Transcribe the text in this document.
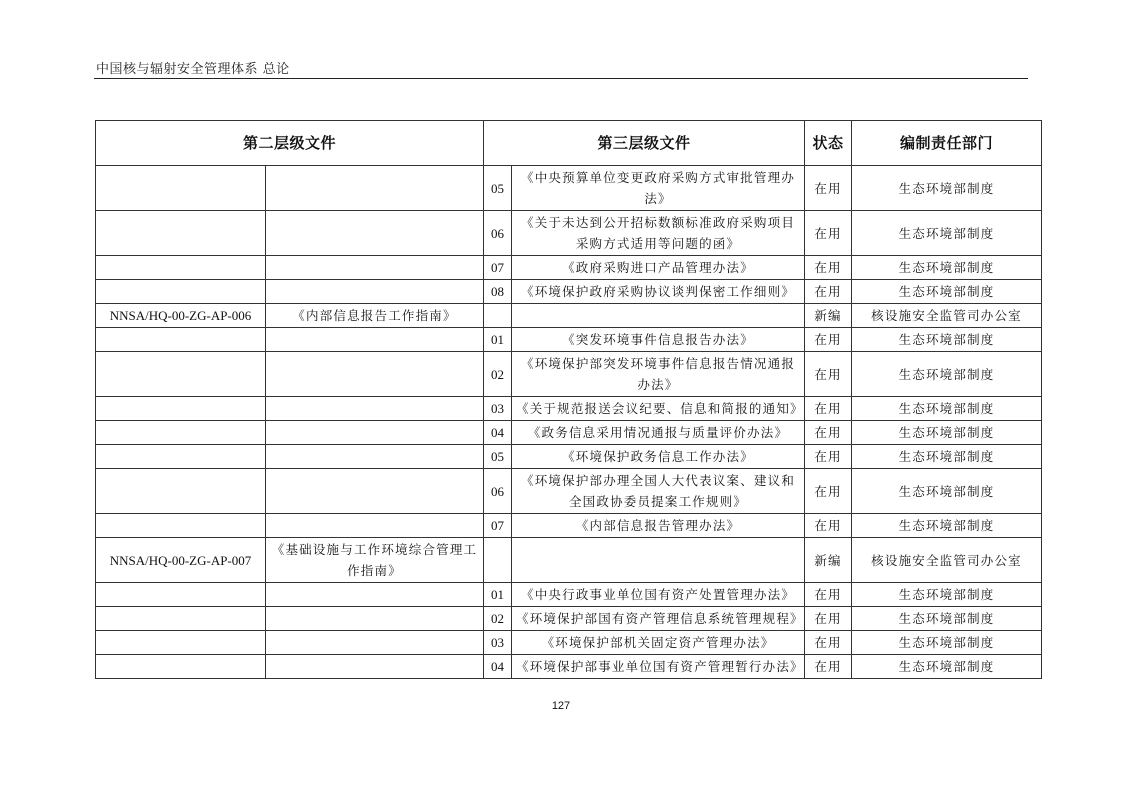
中国核与辐射安全管理体系 总论
第二层级文件		第三层级文件		状态	编制责任部门
		05	《中央预算单位变更政府采购方式审批管理办法》	在用	生态环境部制度
		06	《关于未达到公开招标数额标准政府采购项目采购方式适用等问题的函》	在用	生态环境部制度
		07	《政府采购进口产品管理办法》	在用	生态环境部制度
		08	《环境保护政府采购协议谈判保密工作细则》	在用	生态环境部制度
NNSA/HQ-00-ZG-AP-006	《内部信息报告工作指南》			新编	核设施安全监管司办公室
		01	《突发环境事件信息报告办法》	在用	生态环境部制度
		02	《环境保护部突发环境事件信息报告情况通报办法》	在用	生态环境部制度
		03	《关于规范报送会议纪要、信息和简报的通知》	在用	生态环境部制度
		04	《政务信息采用情况通报与质量评价办法》	在用	生态环境部制度
		05	《环境保护政务信息工作办法》	在用	生态环境部制度
		06	《环境保护部办理全国人大代表议案、建议和全国政协委员提案工作规则》	在用	生态环境部制度
		07	《内部信息报告管理办法》	在用	生态环境部制度
NNSA/HQ-00-ZG-AP-007	《基础设施与工作环境综合管理工作指南》			新编	核设施安全监管司办公室
		01	《中央行政事业单位国有资产处置管理办法》	在用	生态环境部制度
		02	《环境保护部国有资产管理信息系统管理规程》	在用	生态环境部制度
		03	《环境保护部机关固定资产管理办法》	在用	生态环境部制度
		04	《环境保护部事业单位国有资产管理暂行办法》	在用	生态环境部制度
127
